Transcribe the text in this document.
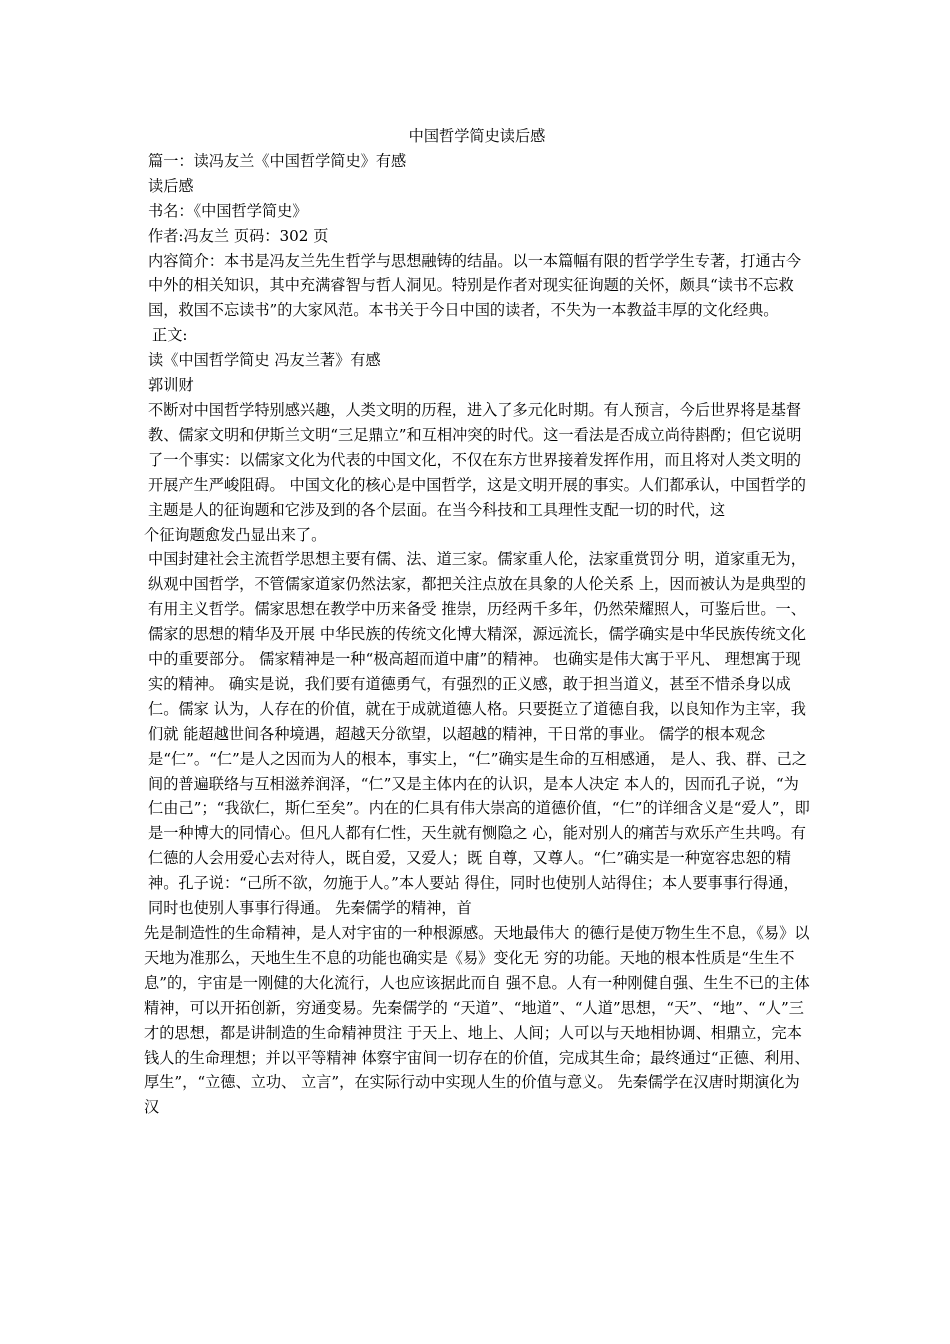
中国哲学简史读后感

篇一：读冯友兰《中国哲学简史》有感

读后感

书名：《中国哲学简史》

作者:冯友兰 页码：302 页

内容简介：本书是冯友兰先生哲学与思想融铸的结晶。以一本篇幅有限的哲学学生专著，打通古今中外的相关知识，其中充满睿智与哲人洞见。特别是作者对现实征询题的关怀，颇具“读书不忘救国，救国不忘读书”的大家风范。本书关于今日中国的读者，不失为一本教益丰厚的文化经典。

正文:

读《中国哲学简史 冯友兰著》有感

郭训财

不断对中国哲学特别感兴趣，人类文明的历程，进入了多元化时期。有人预言，今后世界将是基督教、儒家文明和伊斯兰文明“三足鼎立”和互相冲突的时代。这一看法是否成立尚待斟酌；但它说明了一个事实：以儒家文化为代表的中国文化，不仅在东方世界接着发挥作用，而且将对人类文明的开展产生严峻阻碍。 中国文化的核心是中国哲学，这是文明开展的事实。人们都承认，中国哲学的主题是人的征询题和它涉及到的各个层面。在当今科技和工具理性支配一切的时代，这

个征询题愈发凸显出来了。

中国封建社会主流哲学思想主要有儒、法、道三家。儒家重人伦，法家重赏罚分 明，道家重无为，纵观中国哲学，不管儒家道家仍然法家，都把关注点放在具象的人伦关系 上，因而被认为是典型的有用主义哲学。儒家思想在教学中历来备受 推崇，历经两千多年，仍然荣耀照人，可鉴后世。一、儒家的思想的精华及开展 中华民族的传统文化博大精深，源远流长，儒学确实是中华民族传统文化中的重要部分。 儒家精神是一种“极高超而道中庸”的精神。 也确实是伟大寓于平凡、 理想寓于现实的精神。 确实是说，我们要有道德勇气，有强烈的正义感，敢于担当道义，甚至不惜杀身以成仁。儒家 认为，人存在的价值，就在于成就道德人格。只要挺立了道德自我，以良知作为主宰，我们就 能超越世间各种境遇，超越天分欲望，以超越的精神，干日常的事业。 儒学的根本观念是“仁”。“仁”是人之因而为人的根本，事实上，“仁”确实是生命的互相感通， 是人、我、群、己之间的普遍联络与互相滋养润泽，“仁”又是主体内在的认识，是本人决定 本人的，因而孔子说，“为仁由己”；“我欲仁，斯仁至矣”。内在的仁具有伟大崇高的道德价值，“仁”的详细含义是“爱人”，即是一种博大的同情心。但凡人都有仁性，天生就有恻隐之 心，能对别人的痛苦与欢乐产生共鸣。有仁德的人会用爱心去对待人，既自爱，又爱人；既 自尊，又尊人。“仁”确实是一种宽容忠恕的精神。孔子说：“己所不欲，勿施于人。”本人要站 得住，同时也使别人站得住；本人要事事行得通，同时也使别人事事行得通。 先秦儒学的精神，首

先是制造性的生命精神，是人对宇宙的一种根源感。天地最伟大 的德行是使万物生生不息，《易》以天地为准那么，天地生生不息的功能也确实是《易》变化无 穷的功能。天地的根本性质是“生生不息”的，宇宙是一刚健的大化流行，人也应该据此而自 强不息。人有一种刚健自强、生生不已的主体精神，可以开拓创新，穷通变易。先秦儒学的 “天道”、“地道”、“人道”思想，“天”、“地”、“人”三才的思想，都是讲制造的生命精神贯注 于天上、地上、人间；人可以与天地相协调、相鼎立，完本钱人的生命理想；并以平等精神 体察宇宙间一切存在的价值，完成其生命；最终通过“正德、利用、厚生”，“立德、立功、 立言”，在实际行动中实现人生的价值与意义。 先秦儒学在汉唐时期演化为汉
